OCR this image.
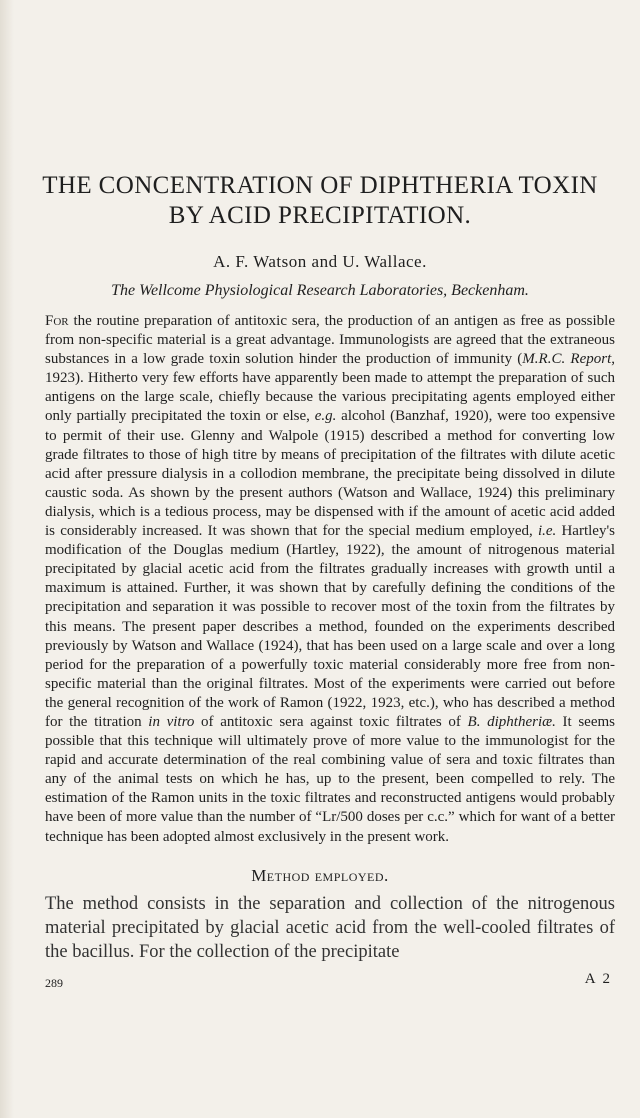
THE CONCENTRATION OF DIPHTHERIA TOXIN
BY ACID PRECIPITATION.
A. F. Watson and U. Wallace.
The Wellcome Physiological Research Laboratories, Beckenham.

For the routine preparation of antitoxic sera, the production of an antigen as free as possible from non-specific material is a great advantage. Immunologists are agreed that the extraneous substances in a low grade toxin solution hinder the production of immunity (M.R.C. Report, 1923). Hitherto very few efforts have apparently been made to attempt the preparation of such antigens on the large scale, chiefly because the various precipitating agents employed either only partially precipitated the toxin or else, e.g. alcohol (Banzhaf, 1920), were too expensive to permit of their use. Glenny and Walpole (1915) described a method for converting low grade filtrates to those of high titre by means of precipitation of the filtrates with dilute acetic acid after pressure dialysis in a collodion membrane, the precipitate being dissolved in dilute caustic soda. As shown by the present authors (Watson and Wallace, 1924) this preliminary dialysis, which is a tedious process, may be dispensed with if the amount of acetic acid added is considerably increased. It was shown that for the special medium employed, i.e. Hartley's modification of the Douglas medium (Hartley, 1922), the amount of nitrogenous material precipitated by glacial acetic acid from the filtrates gradually increases with growth until a maximum is attained. Further, it was shown that by carefully defining the conditions of the precipitation and separation it was possible to recover most of the toxin from the filtrates by this means. The present paper describes a method, founded on the experiments described previously by Watson and Wallace (1924), that has been used on a large scale and over a long period for the preparation of a powerfully toxic material considerably more free from non-specific material than the original filtrates. Most of the experiments were carried out before the general recognition of the work of Ramon (1922, 1923, etc.), who has described a method for the titration in vitro of antitoxic sera against toxic filtrates of B. diphtheriæ. It seems possible that this technique will ultimately prove of more value to the immunologist for the rapid and accurate determination of the real combining value of sera and toxic filtrates than any of the animal tests on which he has, up to the present, been compelled to rely. The estimation of the Ramon units in the toxic filtrates and reconstructed antigens would probably have been of more value than the number of “Lr/500 doses per c.c.” which for want of a better technique has been adopted almost exclusively in the present work.

Method employed.

The method consists in the separation and collection of the nitrogenous material precipitated by glacial acetic acid from the well-cooled filtrates of the bacillus. For the collection of the precipitate

289	A 2
